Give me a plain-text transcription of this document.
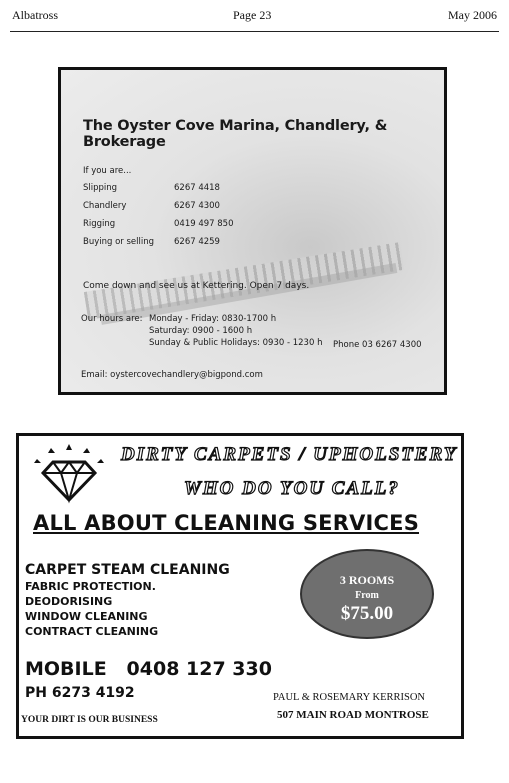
Albatross	Page 23	May 2006
The Oyster Cove Marina, Chandlery, & Brokerage
If you are...
Slipping	6267 4418
Chandlery	6267 4300
Rigging	0419 497 850
Buying or selling 6267 4259
Come down and see us at Kettering. Open 7 days.
Our hours are: Monday - Friday: 0830-1700 h
Saturday: 0900 - 1600 h
Sunday & Public Holidays: 0930 - 1230 h Phone 03 6267 4300
Email: oystercovechandlery@bigpond.com
DIRTY CARPETS / UPHOLSTERY
WHO DO YOU CALL?
ALL ABOUT CLEANING SERVICES
CARPET STEAM CLEANING
FABRIC PROTECTION.
DEODORISING
WINDOW CLEANING
CONTRACT CLEANING
3 ROOMS
From
$75.00
MOBILE   0408 127 330
PH 6273 4192
YOUR DIRT IS OUR BUSINESS
PAUL & ROSEMARY KERRISON
507 MAIN ROAD MONTROSE
